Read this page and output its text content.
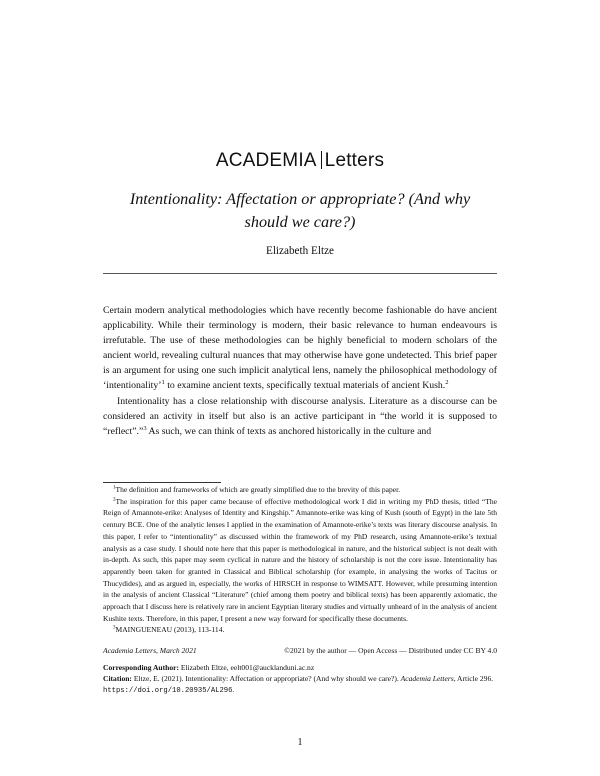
ACADEMIA Letters
Intentionality: Affectation or appropriate? (And why
should we care?)
Elizabeth Eltze

Certain modern analytical methodologies which have recently become fashionable do have ancient applicability. While their terminology is modern, their basic relevance to human endeavours is irrefutable. The use of these methodologies can be highly beneficial to modern scholars of the ancient world, revealing cultural nuances that may otherwise have gone undetected. This brief paper is an argument for using one such implicit analytical lens, namely the philosophical methodology of ‘intentionality’$^1$ to examine ancient texts, specifically textual materials of ancient Kush.$^2$

Intentionality has a close relationship with discourse analysis. Literature as a discourse can be considered an activity in itself but also is an active participant in “the world it is supposed to “reflect”.”$^3$ As such, we can think of texts as anchored historically in the culture and

$^1$The definition and frameworks of which are greatly simplified due to the brevity of this paper.

$^2$The inspiration for this paper came because of effective methodological work I did in writing my PhD thesis, titled “The Reign of Amannote-erike: Analyses of Identity and Kingship.” Amannote-erike was king of Kush (south of Egypt) in the late 5th century BCE. One of the analytic lenses I applied in the examination of Amannote-erike’s texts was literary discourse analysis. In this paper, I refer to “intentionality” as discussed within the framework of my PhD research, using Amannote-erike’s textual analysis as a case study. I should note here that this paper is methodological in nature, and the historical subject is not dealt with in-depth. As such, this paper may seem cyclical in nature and the history of scholarship is not the core issue. Intentionality has apparently been taken for granted in Classical and Biblical scholarship (for example, in analysing the works of Tacitus or Thucydides), and as argued in, especially, the works of HIRSCH in response to WIMSATT. However, while presuming intention in the analysis of ancient Classical “Literature” (chief among them poetry and biblical texts) has been apparently axiomatic, the approach that I discuss here is relatively rare in ancient Egyptian literary studies and virtually unheard of in the analysis of ancient Kushite texts. Therefore, in this paper, I present a new way forward for specifically these documents.

$^3$MAINGUENEAU (2013), 113-114.

Academia Letters, March 2021	©2021 by the author — Open Access — Distributed under CC BY 4.0
Corresponding Author: Elizabeth Eltze, eelt001@aucklanduni.ac.nz
Citation: Eltze, E. (2021). Intentionality: Affectation or appropriate? (And why should we care?). Academia Letters, Article 296. https://doi.org/10.20935/AL296.
1
